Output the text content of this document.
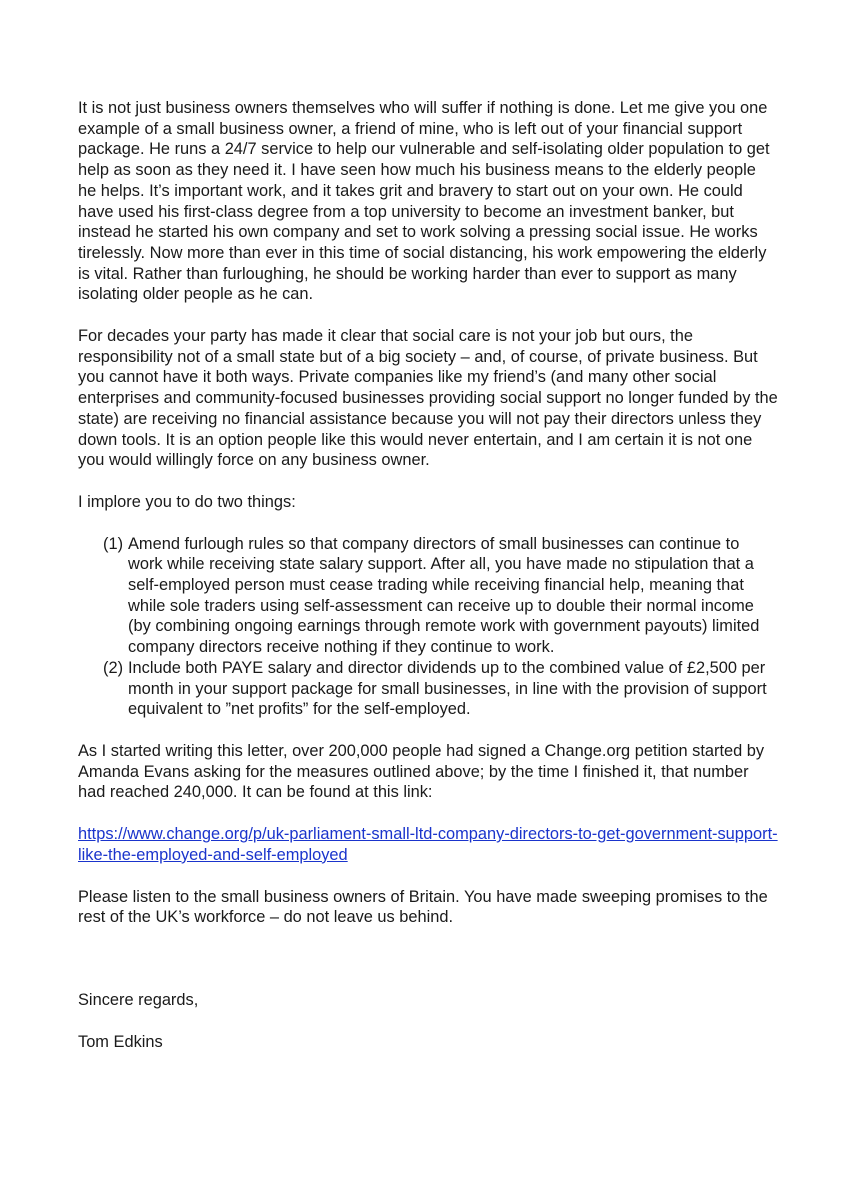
It is not just business owners themselves who will suffer if nothing is done. Let me give you one example of a small business owner, a friend of mine, who is left out of your financial support package. He runs a 24/7 service to help our vulnerable and self-isolating older population to get help as soon as they need it. I have seen how much his business means to the elderly people he helps. It’s important work, and it takes grit and bravery to start out on your own. He could have used his first-class degree from a top university to become an investment banker, but instead he started his own company and set to work solving a pressing social issue. He works tirelessly. Now more than ever in this time of social distancing, his work empowering the elderly is vital. Rather than furloughing, he should be working harder than ever to support as many isolating older people as he can.

For decades your party has made it clear that social care is not your job but ours, the responsibility not of a small state but of a big society – and, of course, of private business. But you cannot have it both ways. Private companies like my friend’s (and many other social enterprises and community-focused businesses providing social support no longer funded by the state) are receiving no financial assistance because you will not pay their directors unless they down tools. It is an option people like this would never entertain, and I am certain it is not one you would willingly force on any business owner.

I implore you to do two things:

(1) Amend furlough rules so that company directors of small businesses can continue to work while receiving state salary support. After all, you have made no stipulation that a self-employed person must cease trading while receiving financial help, meaning that while sole traders using self-assessment can receive up to double their normal income (by combining ongoing earnings through remote work with government payouts) limited company directors receive nothing if they continue to work.
(2) Include both PAYE salary and director dividends up to the combined value of £2,500 per month in your support package for small businesses, in line with the provision of support equivalent to ”net profits” for the self-employed.

As I started writing this letter, over 200,000 people had signed a Change.org petition started by Amanda Evans asking for the measures outlined above; by the time I finished it, that number had reached 240,000. It can be found at this link:

https://www.change.org/p/uk-parliament-small-ltd-company-directors-to-get-government-support-like-the-employed-and-self-employed

Please listen to the small business owners of Britain. You have made sweeping promises to the rest of the UK’s workforce – do not leave us behind.

Sincere regards,

Tom Edkins
